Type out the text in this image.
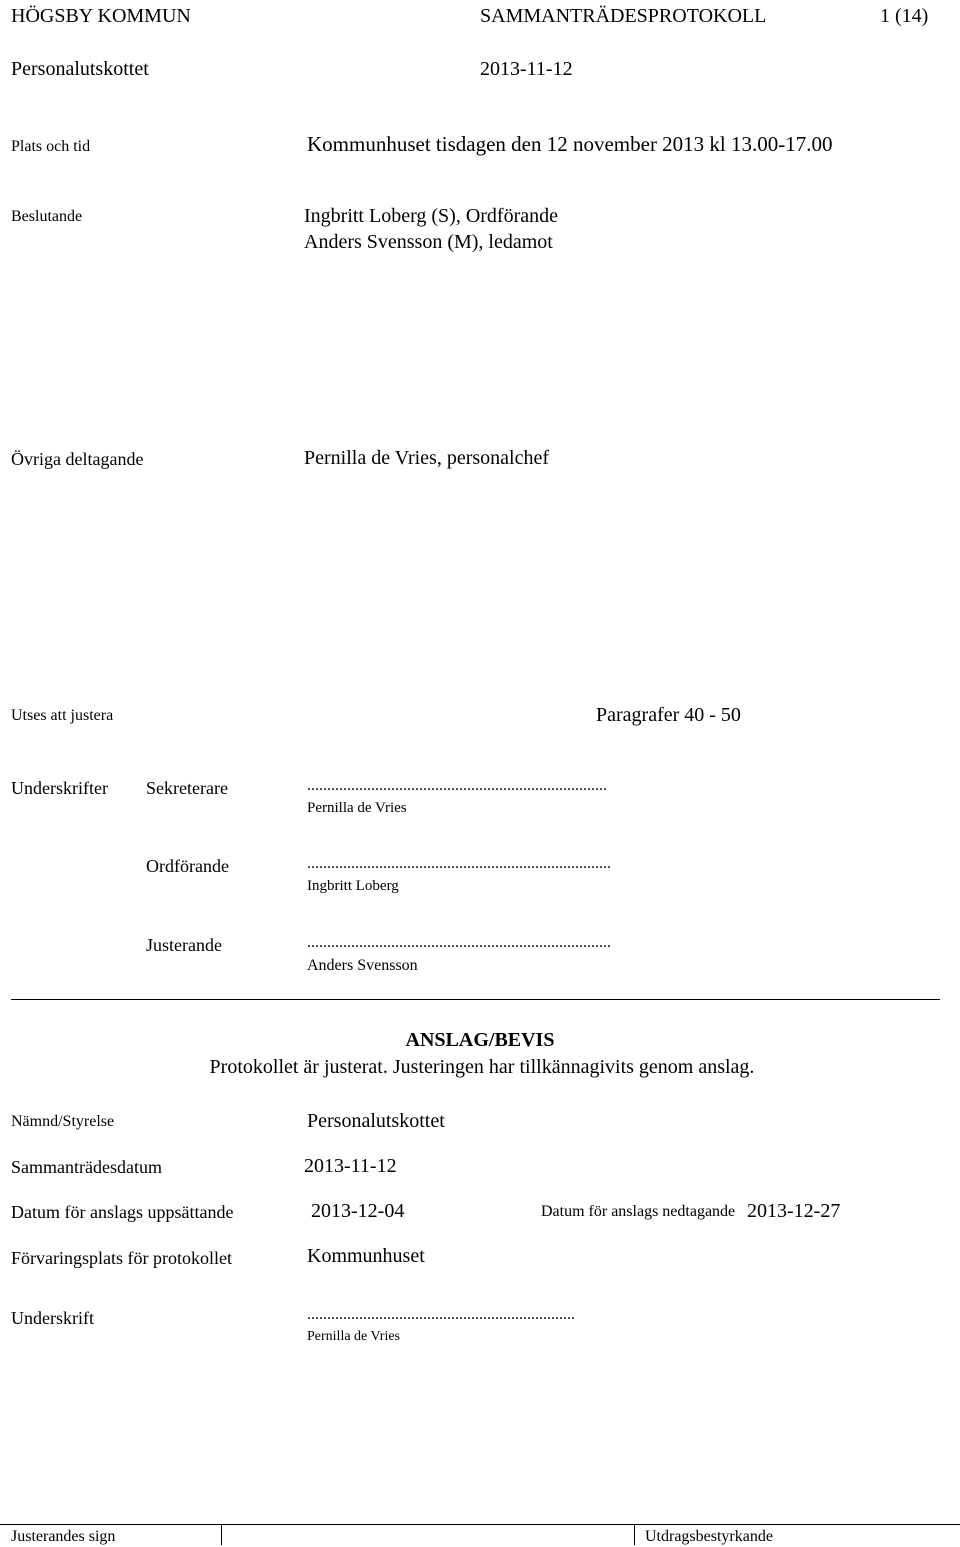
HÖGSBY KOMMUN	SAMMANTRÄDESPROTOKOLL	1 (14)
Personalutskottet	2013-11-12
Plats och tid	Kommunhuset tisdagen den 12 november 2013 kl 13.00-17.00
Beslutande	Ingbritt Loberg (S), Ordförande
Anders Svensson (M), ledamot
Övriga deltagande	Pernilla de Vries, personalchef
Utses att justera	Paragrafer 40 - 50
Underskrifter Sekreterare	...........................................................................
Pernilla de Vries
Ordförande	............................................................................
Ingbritt Loberg
Justerande	............................................................................
Anders Svensson
ANSLAG/BEVIS
Protokollet är justerat. Justeringen har tillkännagivits genom anslag.
Nämnd/Styrelse	Personalutskottet
Sammanträdesdatum	2013-11-12
Datum för anslags uppsättande	2013-12-04	Datum för anslags nedtagande 2013-12-27
Förvaringsplats för protokollet	Kommunhuset
Underskrift	...................................................................
Pernilla de Vries
Justerandes sign	Utdragsbestyrkande
